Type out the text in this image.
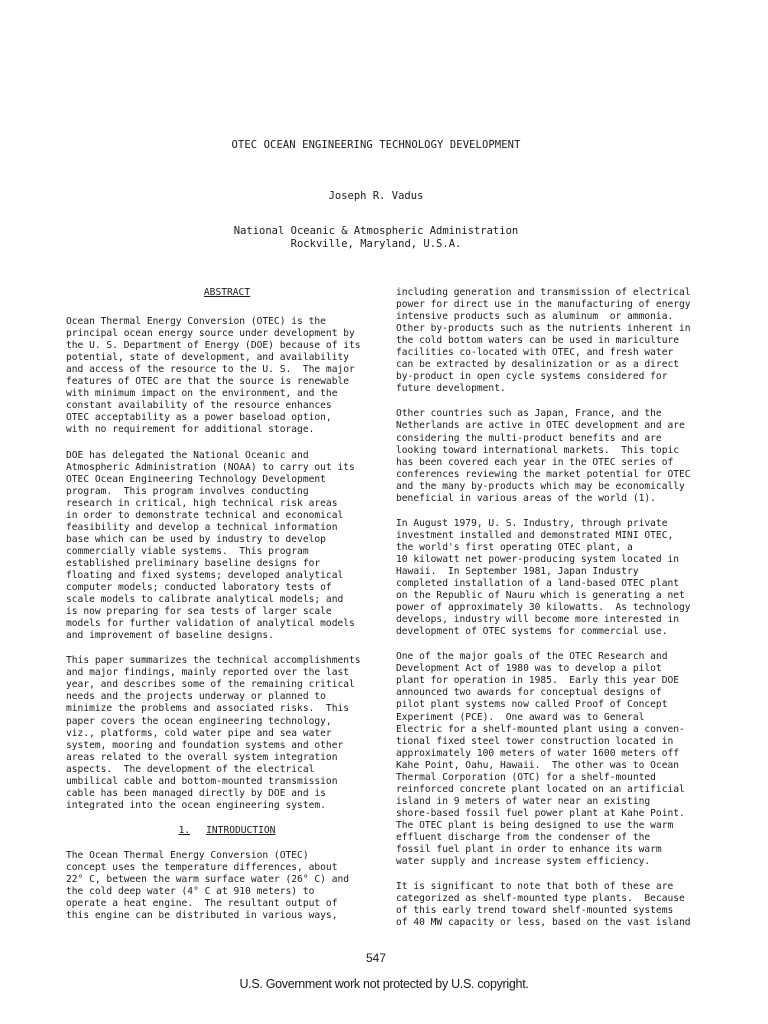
OTEC OCEAN ENGINEERING TECHNOLOGY DEVELOPMENT
Joseph R. Vadus
National Oceanic & Atmospheric Administration
Rockville, Maryland, U.S.A.
ABSTRACT
Ocean Thermal Energy Conversion (OTEC) is the
principal ocean energy source under development by
the U. S. Department of Energy (DOE) because of its
potential, state of development, and availability
and access of the resource to the U. S.  The major
features of OTEC are that the source is renewable
with minimum impact on the environment, and the
constant availability of the resource enhances
OTEC acceptability as a power baseload option,
with no requirement for additional storage.
DOE has delegated the National Oceanic and
Atmospheric Administration (NOAA) to carry out its
OTEC Ocean Engineering Technology Development
program.  This program involves conducting
research in critical, high technical risk areas
in order to demonstrate technical and economical
feasibility and develop a technical information
base which can be used by industry to develop
commercially viable systems.  This program
established preliminary baseline designs for
floating and fixed systems; developed analytical
computer models; conducted laboratory tests of
scale models to calibrate analytical models; and
is now preparing for sea tests of larger scale
models for further validation of analytical models
and improvement of baseline designs.
This paper summarizes the technical accomplishments
and major findings, mainly reported over the last
year, and describes some of the remaining critical
needs and the projects underway or planned to
minimize the problems and associated risks.  This
paper covers the ocean engineering technology,
viz., platforms, cold water pipe and sea water
system, mooring and foundation systems and other
areas related to the overall system integration
aspects.  The development of the electrical
umbilical cable and bottom-mounted transmission
cable has been managed directly by DOE and is
integrated into the ocean engineering system.
1. INTRODUCTION
The Ocean Thermal Energy Conversion (OTEC)
concept uses the temperature differences, about
22° C, between the warm surface water (26° C) and
the cold deep water (4° C at 910 meters) to
operate a heat engine.  The resultant output of
this engine can be distributed in various ways,
including generation and transmission of electrical
power for direct use in the manufacturing of energy
intensive products such as aluminum  or ammonia.
Other by-products such as the nutrients inherent in
the cold bottom waters can be used in mariculture
facilities co-located with OTEC, and fresh water
can be extracted by desalinization or as a direct
by-product in open cycle systems considered for
future development.
Other countries such as Japan, France, and the
Netherlands are active in OTEC development and are
considering the multi-product benefits and are
looking toward international markets.  This topic
has been covered each year in the OTEC series of
conferences reviewing the market potential for OTEC
and the many by-products which may be economically
beneficial in various areas of the world (1).
In August 1979, U. S. Industry, through private
investment installed and demonstrated MINI OTEC,
the world's first operating OTEC plant, a
10 kilowatt net power-producing system located in
Hawaii.  In September 1981, Japan Industry
completed installation of a land-based OTEC plant
on the Republic of Nauru which is generating a net
power of approximately 30 kilowatts.  As technology
develops, industry will become more interested in
development of OTEC systems for commercial use.
One of the major goals of the OTEC Research and
Development Act of 1980 was to develop a pilot
plant for operation in 1985.  Early this year DOE
announced two awards for conceptual designs of
pilot plant systems now called Proof of Concept
Experiment (PCE).  One award was to General
Electric for a shelf-mounted plant using a conven-
tional fixed steel tower construction located in
approximately 100 meters of water 1600 meters off
Kahe Point, Oahu, Hawaii.  The other was to Ocean
Thermal Corporation (OTC) for a shelf-mounted
reinforced concrete plant located on an artificial
island in 9 meters of water near an existing
shore-based fossil fuel power plant at Kahe Point.
The OTEC plant is being designed to use the warm
effluent discharge from the condenser of the
fossil fuel plant in order to enhance its warm
water supply and increase system efficiency.
It is significant to note that both of these are
categorized as shelf-mounted type plants.  Because
of this early trend toward shelf-mounted systems
of 40 MW capacity or less, based on the vast island
547
U.S. Government work not protected by U.S. copyright.
